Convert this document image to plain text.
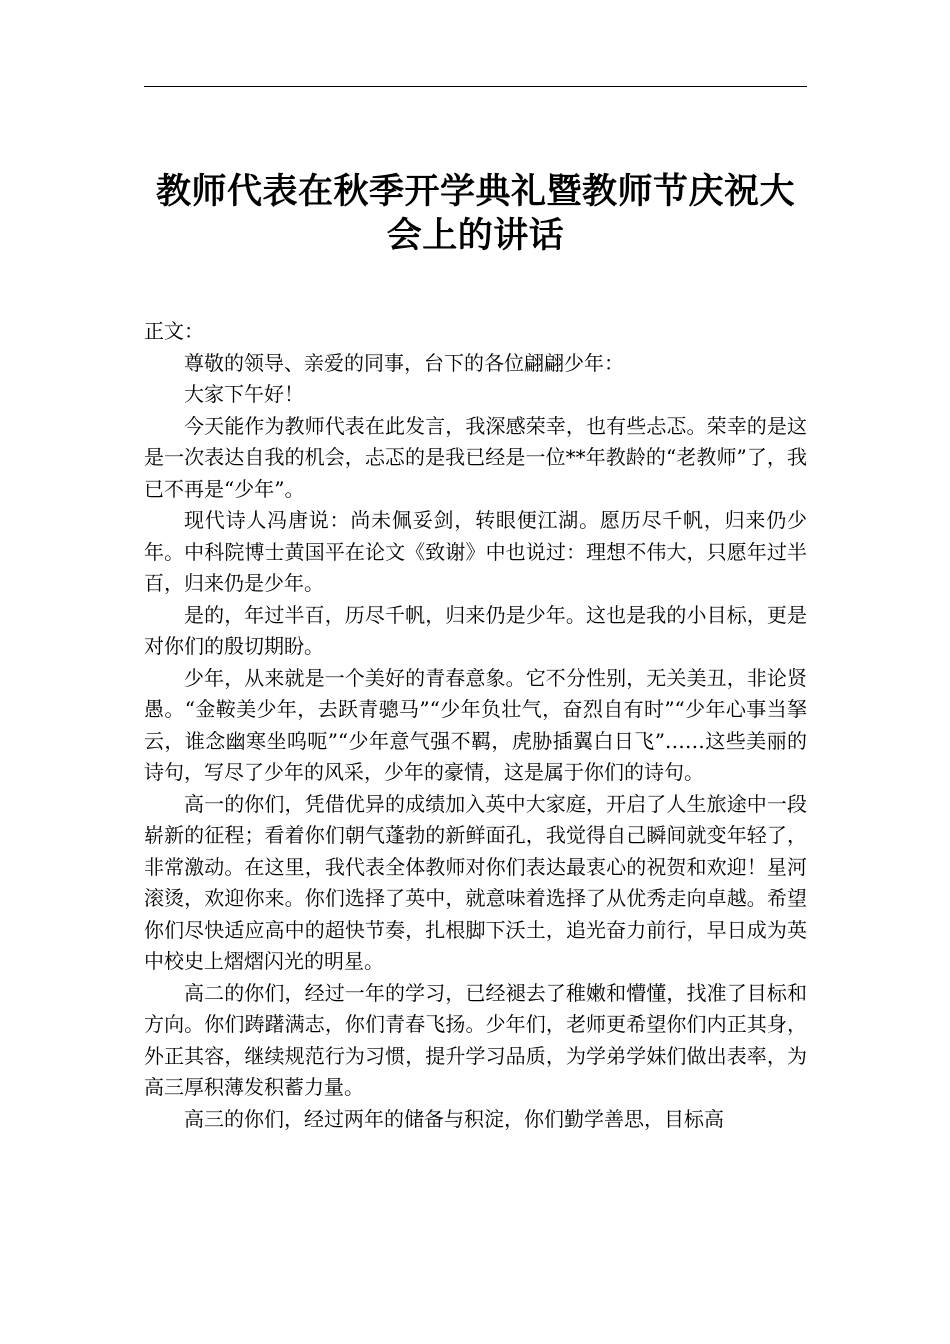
教师代表在秋季开学典礼暨教师节庆祝大
会上的讲话

正文：

尊敬的领导、亲爱的同事，台下的各位翩翩少年：

大家下午好！

今天能作为教师代表在此发言，我深感荣幸，也有些忐忑。荣幸的是这是一次表达自我的机会，忐忑的是我已经是一位**年教龄的“老教师”了，我已不再是“少年”。

现代诗人冯唐说：尚未佩妥剑，转眼便江湖。愿历尽千帆，归来仍少年。中科院博士黄国平在论文《致谢》中也说过：理想不伟大，只愿年过半百，归来仍是少年。

是的，年过半百，历尽千帆，归来仍是少年。这也是我的小目标，更是对你们的殷切期盼。

少年，从来就是一个美好的青春意象。它不分性别，无关美丑，非论贤愚。“金鞍美少年，去跃青骢马”“少年负壮气，奋烈自有时”“少年心事当拏云，谁念幽寒坐呜呃”“少年意气强不羁，虎胁插翼白日飞”……这些美丽的诗句，写尽了少年的风采，少年的豪情，这是属于你们的诗句。

高一的你们，凭借优异的成绩加入英中大家庭，开启了人生旅途中一段崭新的征程；看着你们朝气蓬勃的新鲜面孔，我觉得自己瞬间就变年轻了，非常激动。在这里，我代表全体教师对你们表达最衷心的祝贺和欢迎！星河滚烫，欢迎你来。你们选择了英中，就意味着选择了从优秀走向卓越。希望你们尽快适应高中的超快节奏，扎根脚下沃土，追光奋力前行，早日成为英中校史上熠熠闪光的明星。

高二的你们，经过一年的学习，已经褪去了稚嫩和懵懂，找准了目标和方向。你们踌躇满志，你们青春飞扬。少年们，老师更希望你们内正其身，外正其容，继续规范行为习惯，提升学习品质，为学弟学妹们做出表率，为高三厚积薄发积蓄力量。

高三的你们，经过两年的储备与积淀，你们勤学善思，目标高
